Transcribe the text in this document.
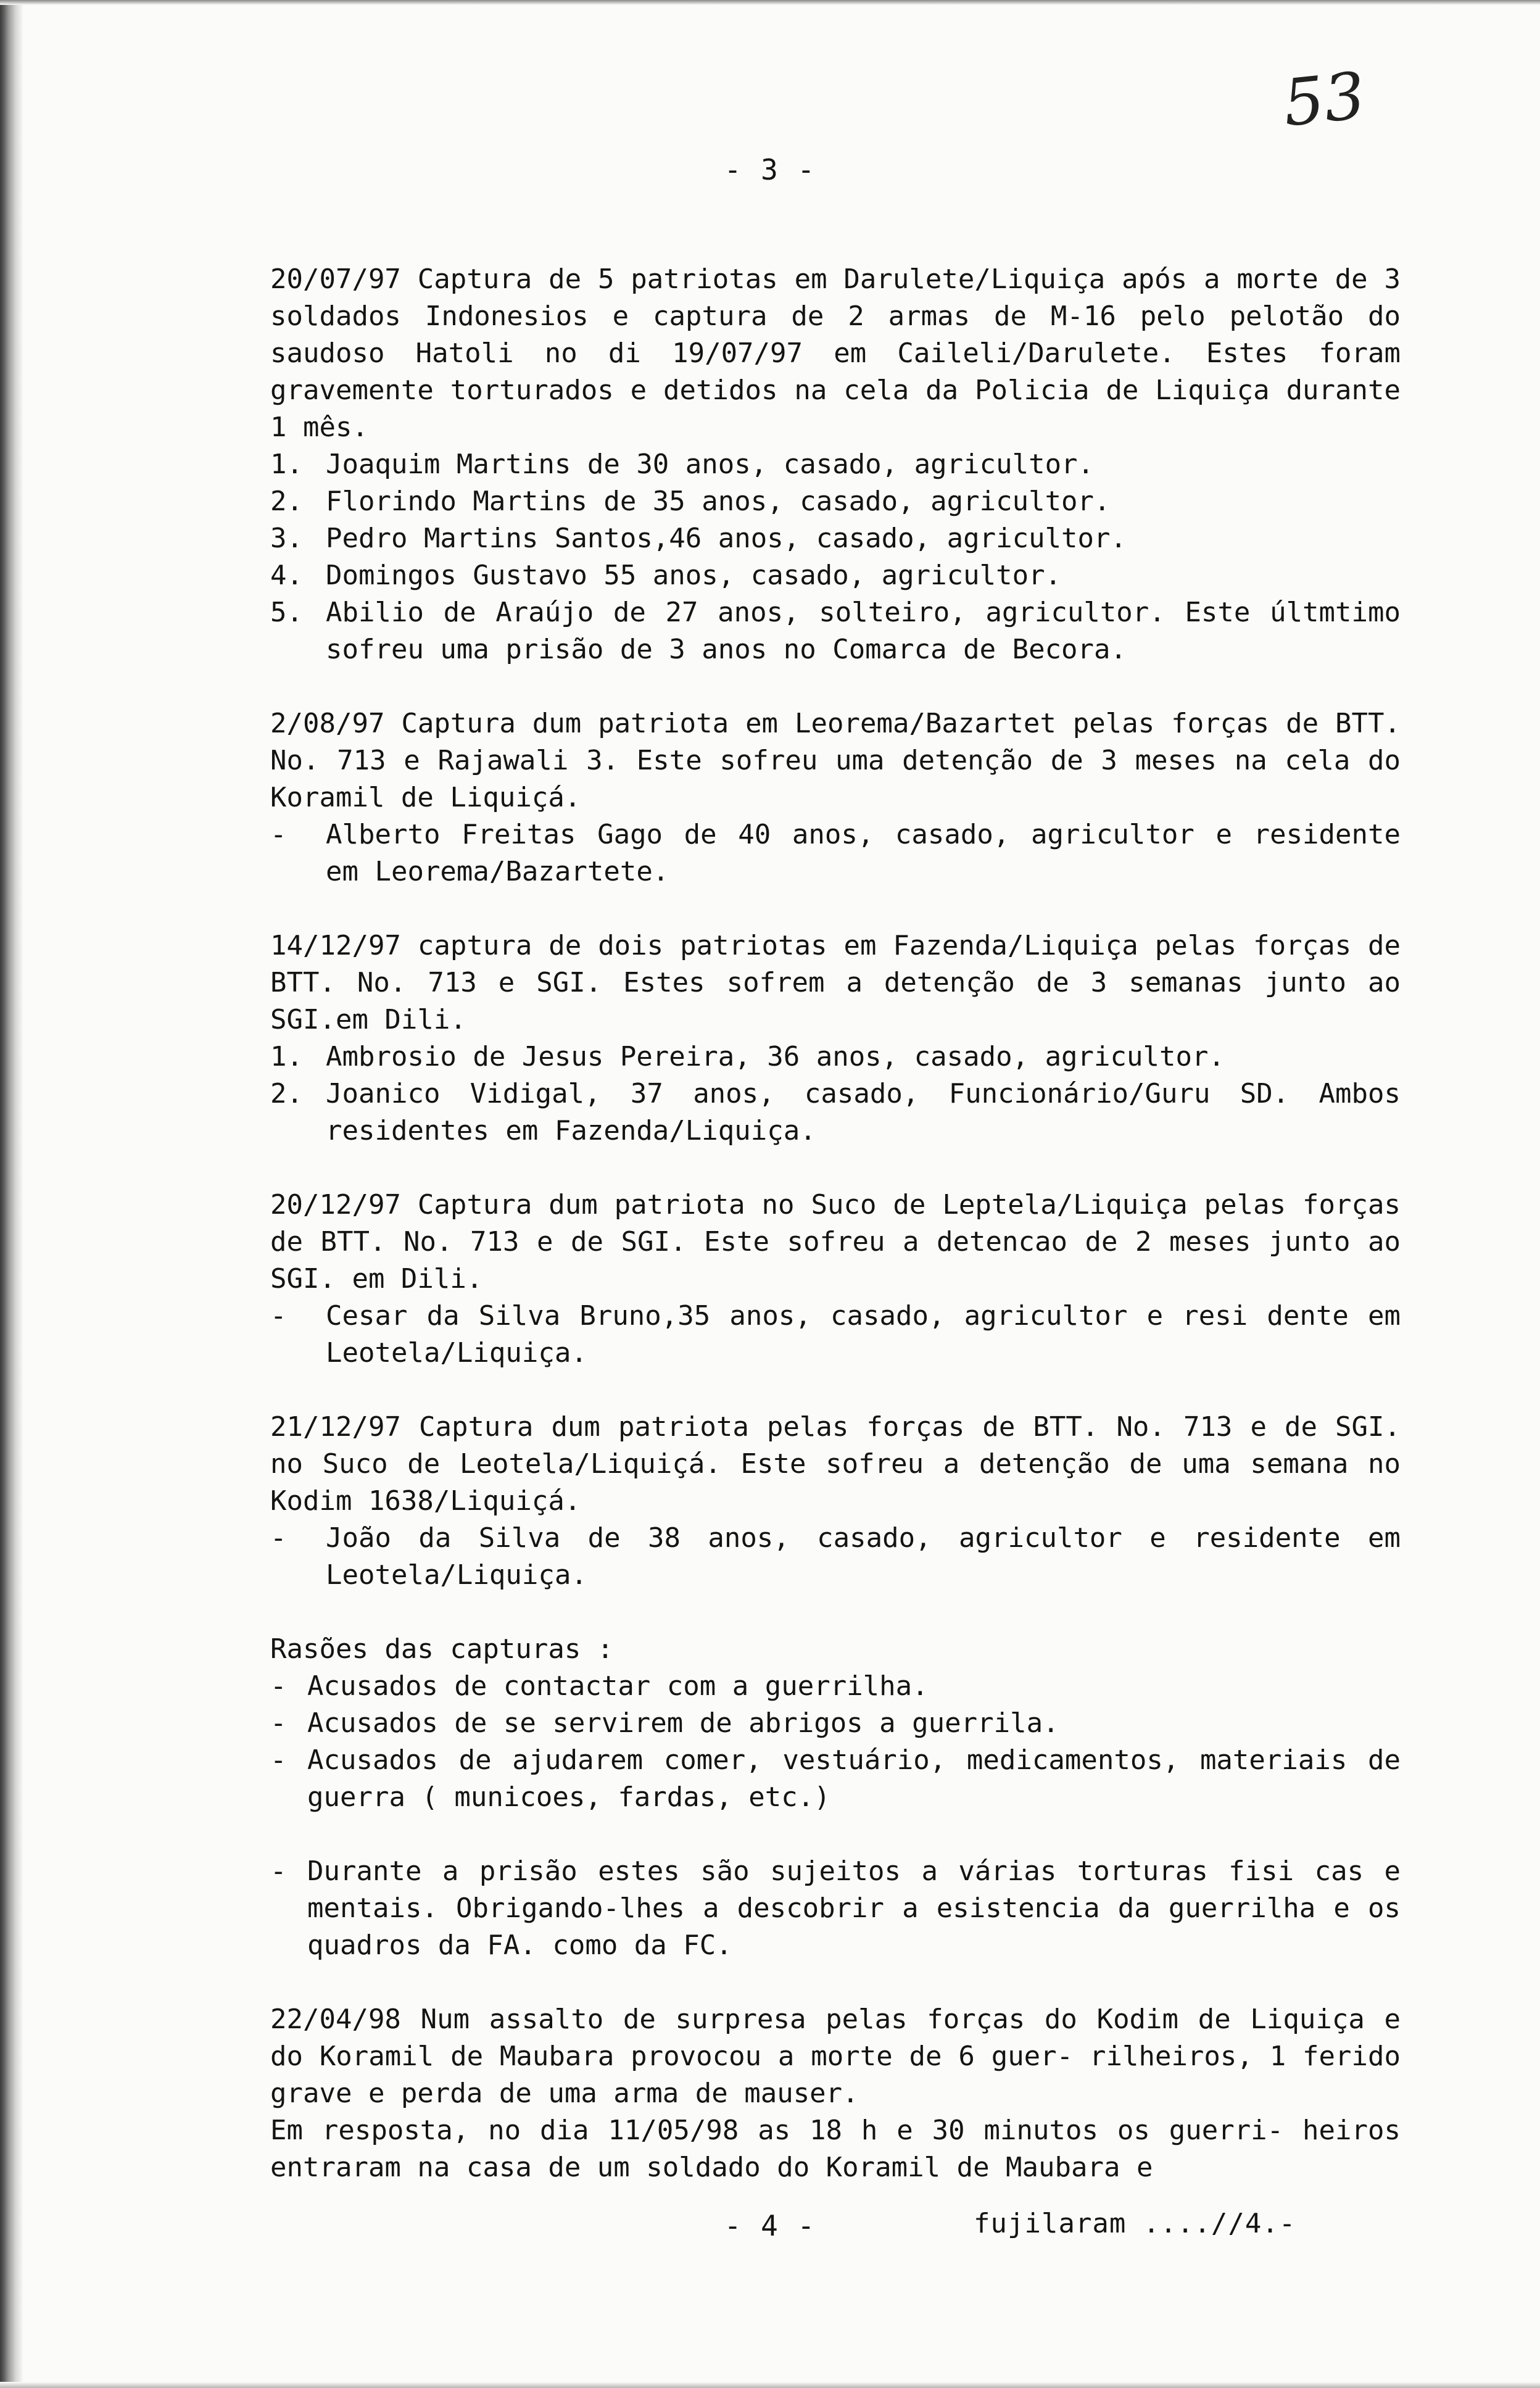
53
- 3 -

20/07/97 Captura de 5 patriotas em Darulete/Liquiça após a morte de 3 soldados Indonesios e captura de 2 armas de M-16 pelo pelotão do saudoso Hatoli no di 19/07/97 em Caileli/Darulete. Estes foram gravemente torturados e detidos na cela da Policia de Liquiça durante 1 mês.

1. Joaquim Martins de 30 anos, casado, agricultor.
2. Florindo Martins de 35 anos, casado, agricultor.
3. Pedro Martins Santos,46 anos, casado, agricultor.
4. Domingos Gustavo 55 anos, casado, agricultor.
5. Abilio de Araújo de 27 anos, solteiro, agricultor. Este últmtimo sofreu uma prisão de 3 anos no Comarca de Becora.

2/08/97 Captura dum patriota em Leorema/Bazartet pelas forças de BTT. No. 713 e Rajawali 3. Este sofreu uma detenção de 3 meses na cela do Koramil de Liquiçá.

-	Alberto Freitas Gago de 40 anos, casado, agricultor e residente em Leorema/Bazartete.

14/12/97 captura de dois patriotas em Fazenda/Liquiça pelas forças de BTT. No. 713 e SGI. Estes sofrem a detenção de 3 semanas junto ao SGI.em Dili.

1. Ambrosio de Jesus Pereira, 36 anos, casado, agricultor.
2. Joanico Vidigal, 37 anos, casado, Funcionário/Guru SD. Ambos residentes em Fazenda/Liquiça.

20/12/97 Captura dum patriota no Suco de Leptela/Liquiça pelas forças de BTT. No. 713 e de SGI. Este sofreu a detencao de 2 meses junto ao SGI. em Dili.

-	Cesar da Silva Bruno,35 anos, casado, agricultor e resi dente em Leotela/Liquiça.

21/12/97 Captura dum patriota pelas forças de BTT. No. 713 e de SGI. no Suco de Leotela/Liquiçá. Este sofreu a detenção de uma semana no Kodim 1638/Liquiçá.

-	João da Silva de 38 anos, casado, agricultor e residente em Leotela/Liquiça.

Rasões das capturas :

- Acusados de contactar com a guerrilha.
- Acusados de se servirem de abrigos a guerrila.
- Acusados de ajudarem comer, vestuário, medicamentos, materiais de guerra ( municoes, fardas, etc.)
- Durante a prisão estes são sujeitos a várias torturas fisi cas e mentais. Obrigando-lhes a descobrir a esistencia da guerrilha e os quadros da FA. como da FC.

22/04/98 Num assalto de surpresa pelas forças do Kodim de Liquiça e do Koramil de Maubara provocou a morte de 6 guer- rilheiros, 1 ferido grave e perda de uma arma de mauser.

Em resposta, no dia 11/05/98 as 18 h e 30 minutos os guerri- heiros entraram na casa de um soldado do Koramil de Maubara e

fujilaram ....//4.-
- 4 -
